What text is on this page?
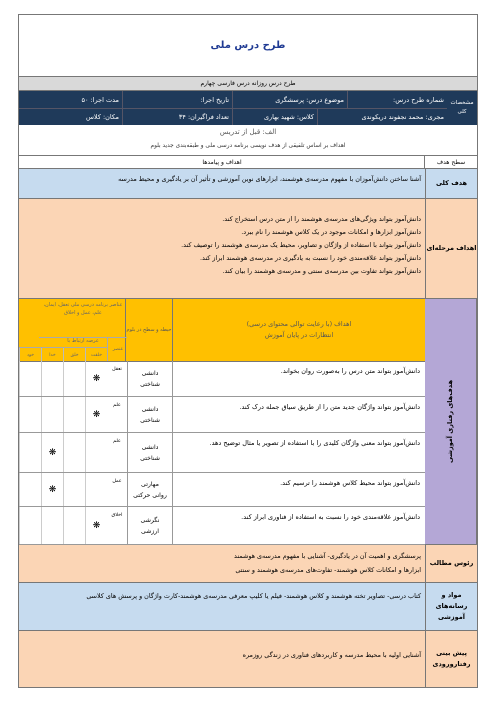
طرح درس ملی
طرح درس روزانه درس فارسی چهارم
مشخصات
کلی
شماره طرح درس:
موضوع درس: پرسشگری
تاریخ اجرا:
مدت اجرا: ۵۰
مجری: محمد نجفوند دریکوندی
کلاس: شهید بهاری
تعداد فراگیران: ۳۴
مکان: کلاس
الف: قبل از تدریس
اهداف بر اساس تلفیقی از هدف نویسی برنامه درسی ملی و طبقه‌بندی جدید بلوم
سطح هدف
اهداف و پیامدها
هدف کلی
آشنا ساختن دانش‌آموزان با مفهوم مدرسه‌ی هوشمند، ابزارهای نوین آموزشی و تأثیر آن بر یادگیری و محیط مدرسه
اهداف مرحله‌ای
دانش‌آموز بتواند ویژگی‌های مدرسه‌ی هوشمند را از متن درس استخراج کند.
دانش‌آموز ابزارها و امکانات موجود در یک کلاس هوشمند را نام ببرد.
دانش‌آموز بتواند با استفاده از واژگان و تصاویر، محیط یک مدرسه‌ی هوشمند را توصیف کند.
دانش‌آموز بتواند علاقه‌مندی خود را نسبت به یادگیری در مدرسه‌ی هوشمند ابراز کند.
دانش‌آموز بتواند تفاوت بین مدرسه‌ی سنتی و مدرسه‌ی هوشمند را بیان کند.
هدف‌های رفتاری آموزشی
اهداف (با رعایت توالی محتوای درسی)
انتظارات در پایان آموزش
حیطه و سطح در بلوم
عناصر برنامه درسی ملی تعقل، ایمان، علم، عمل و اخلاق
عرصه ارتباط با
عنصر
خلقت
خلق
خدا
خود
دانش‌آموز بتواند متن درس را به‌صورت روان بخواند.
دانشی
شناختی
تعقل
❋
دانش‌آموز بتواند واژگان جدید متن را از طریق سیاق جمله درک کند.
دانشی
شناختی
علم
❋
دانش‌آموز بتواند معنی واژگان کلیدی را با استفاده از تصویر یا مثال توضیح دهد.
دانشی
شناختی
علم
❋
دانش‌آموز بتواند محیط کلاس هوشمند را ترسیم کند.
مهارتی
روانی حرکتی
عمل
❋
دانش‌آموز علاقه‌مندی خود را نسبت به استفاده از فناوری ابراز کند.
نگرشی
ارزشی
اخلاق
❋
رئوس مطالب
پرسشگری و اهمیت آن در یادگیری- آشنایی با مفهوم مدرسه‌ی هوشمند
ابزارها و امکانات کلاس هوشمند- تفاوت‌های مدرسه‌ی هوشمند و سنتی
مواد و رسانه‌های آموزشی
کتاب درسی- تصاویر تخته هوشمند و کلاس هوشمند- فیلم یا کلیپ معرفی مدرسه‌ی هوشمند-کارت واژگان و پرسش های کلاسی
پیش بینی رفتارورودی
آشنایی اولیه با محیط مدرسه و کاربردهای فناوری در زندگی روزمره
